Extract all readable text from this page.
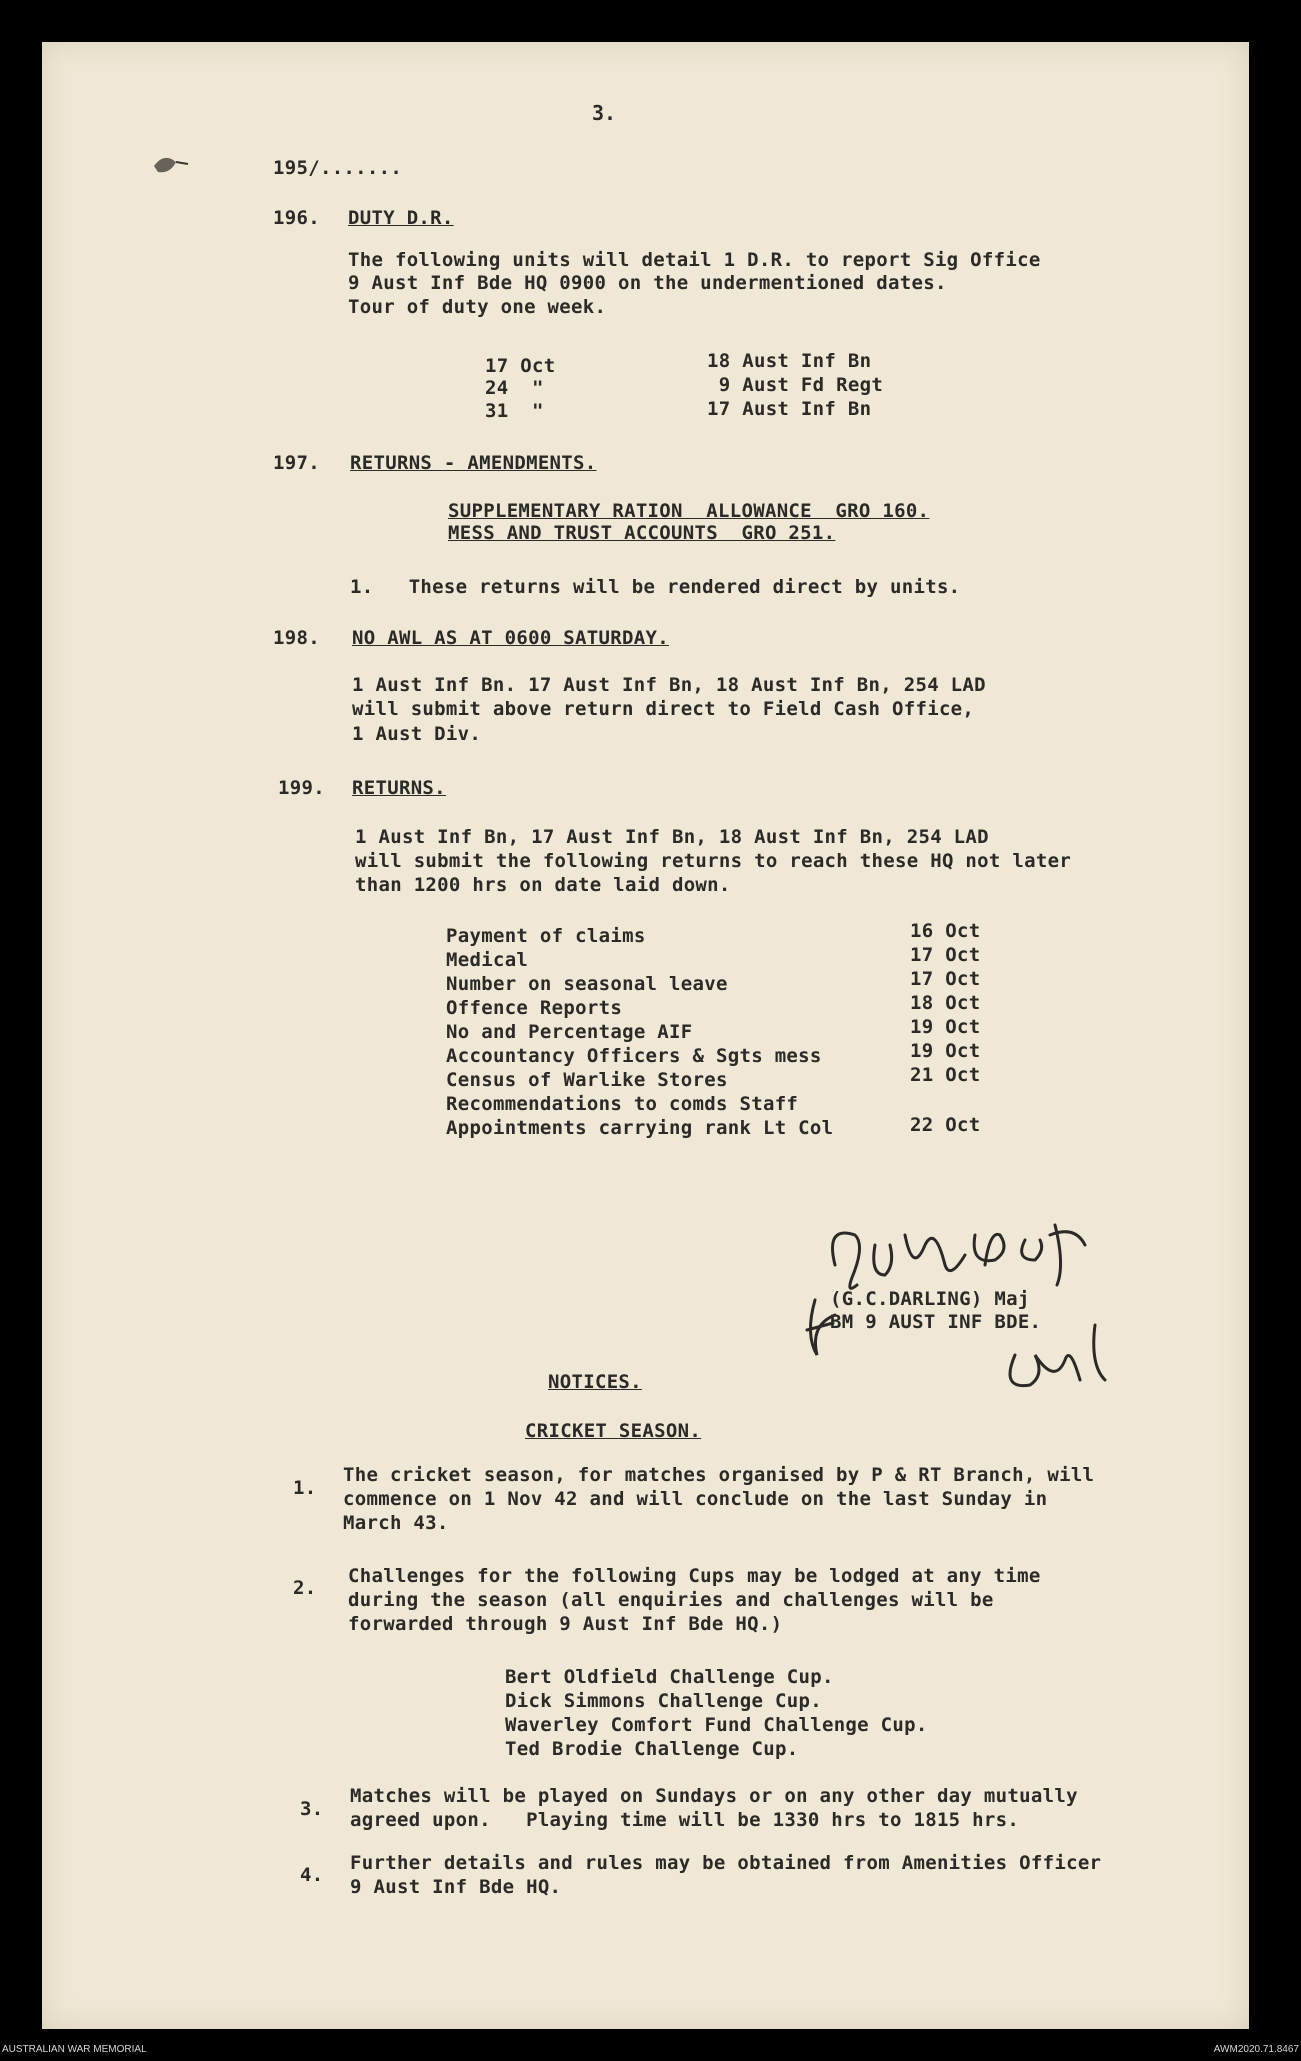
3.
195/.......
196. DUTY D.R.
The following units will detail 1 D.R. to report Sig Office
9 Aust Inf Bde HQ 0900 on the undermentioned dates.
Tour of duty one week.
17 Oct
24  "
31  "
18 Aust Inf Bn
9 Aust Fd Regt
17 Aust Inf Bn
197. RETURNS - AMENDMENTS.
SUPPLEMENTARY RATION  ALLOWANCE  GRO 160.
MESS AND TRUST ACCOUNTS  GRO 251.
1.   These returns will be rendered direct by units.
198. NO AWL AS AT 0600 SATURDAY.
1 Aust Inf Bn. 17 Aust Inf Bn, 18 Aust Inf Bn, 254 LAD
will submit above return direct to Field Cash Office,
1 Aust Div.
199. RETURNS.
1 Aust Inf Bn, 17 Aust Inf Bn, 18 Aust Inf Bn, 254 LAD
will submit the following returns to reach these HQ not later
than 1200 hrs on date laid down.
Payment of claims
Medical
Number on seasonal leave
Offence Reports
No and Percentage AIF
Accountancy Officers & Sgts mess
Census of Warlike Stores
Recommendations to comds Staff
Appointments carrying rank Lt Col
16 Oct
17 Oct
17 Oct
18 Oct
19 Oct
19 Oct
21 Oct
22 Oct
(G.C.DARLING) Maj
BM 9 AUST INF BDE.
NOTICES.
CRICKET SEASON.
1.
The cricket season, for matches organised by P & RT Branch, will
commence on 1 Nov 42 and will conclude on the last Sunday in
March 43.
2.
Challenges for the following Cups may be lodged at any time
during the season (all enquiries and challenges will be
forwarded through 9 Aust Inf Bde HQ.)
Bert Oldfield Challenge Cup.
Dick Simmons Challenge Cup.
Waverley Comfort Fund Challenge Cup.
Ted Brodie Challenge Cup.
3.
Matches will be played on Sundays or on any other day mutually
agreed upon.   Playing time will be 1330 hrs to 1815 hrs.
4.
Further details and rules may be obtained from Amenities Officer
9 Aust Inf Bde HQ.
AUSTRALIAN WAR MEMORIAL	AWM2020.71.8467
